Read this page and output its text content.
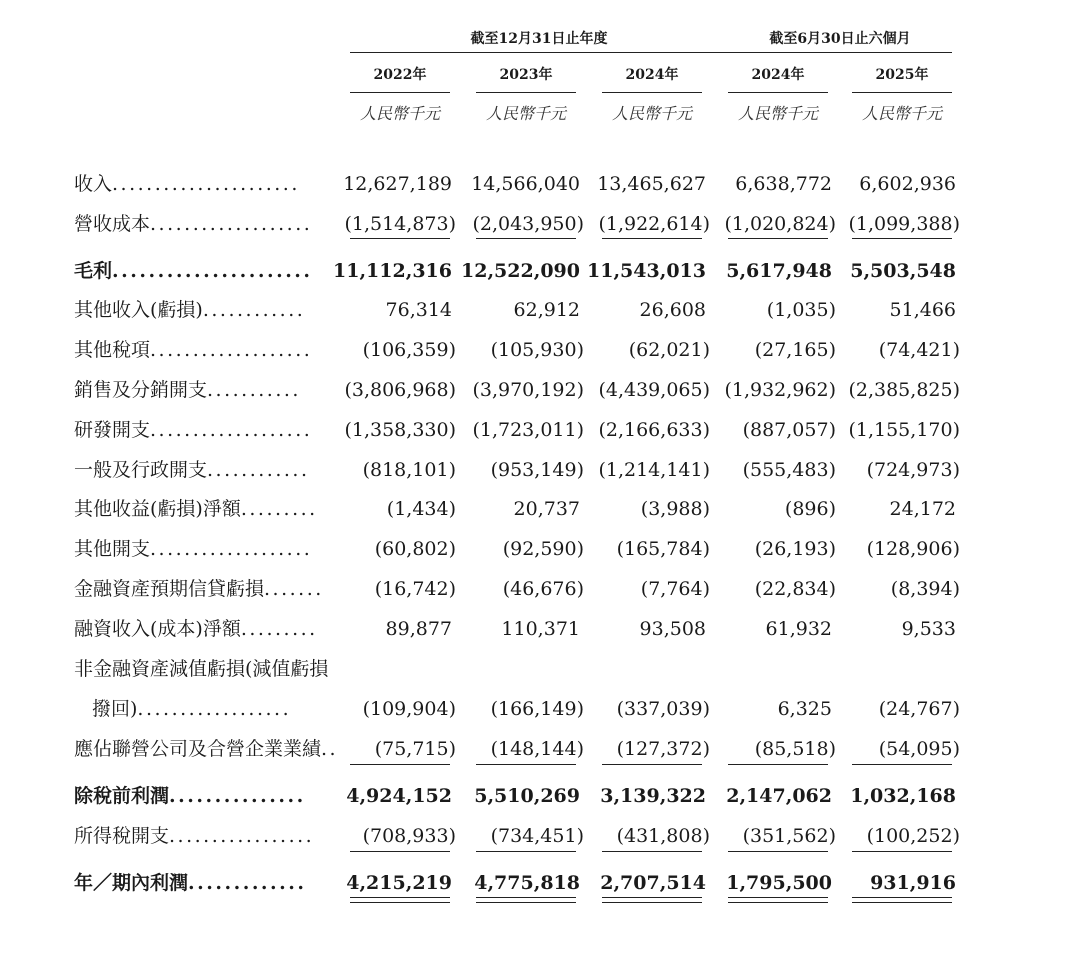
截至12月31日止年度	截至6月30日止六個月
2022年	2023年	2024年	2024年	2025年
人民幣千元	人民幣千元	人民幣千元	人民幣千元	人民幣千元
收入......................	12,627,189 14,566,040 13,465,627 6,638,772 6,602,936
營收成本...................	(1,514,873) (2,043,950) (1,922,614) (1,020,824) (1,099,388)
毛利......................	11,112,316 12,522,090 11,543,013 5,617,948 5,503,548
其他收入(虧損)............	76,314	62,912	26,608	(1,035)	51,466
其他稅項...................	(106,359) (105,930) (62,021) (27,165) (74,421)
銷售及分銷開支...........	(3,806,968) (3,970,192) (4,439,065) (1,932,962) (2,385,825)
研發開支...................	(1,358,330) (1,723,011) (2,166,633) (887,057) (1,155,170)
一般及行政開支............	(818,101) (953,149) (1,214,141) (555,483) (724,973)
其他收益(虧損)淨額.........	(1,434)	20,737	(3,988)	(896)	24,172
其他開支...................	(60,802) (92,590) (165,784) (26,193) (128,906)
金融資產預期信貸虧損.......	(16,742) (46,676)	(7,764) (22,834)	(8,394)
融資收入(成本)淨額.........	89,877	110,371	93,508	61,932	9,533
非金融資產減值虧損(減值虧損
撥回)..................	(109,904) (166,149) (337,039)	6,325 (24,767)
應佔聯營公司及合營企業業績.. (75,715) (148,144) (127,372) (85,518) (54,095)
除稅前利潤...............	4,924,152 5,510,269 3,139,322 2,147,062 1,032,168
所得稅開支.................	(708,933) (734,451) (431,808) (351,562) (100,252)
年／期內利潤.............	4,215,219 4,775,818 2,707,514 1,795,500 931,916
